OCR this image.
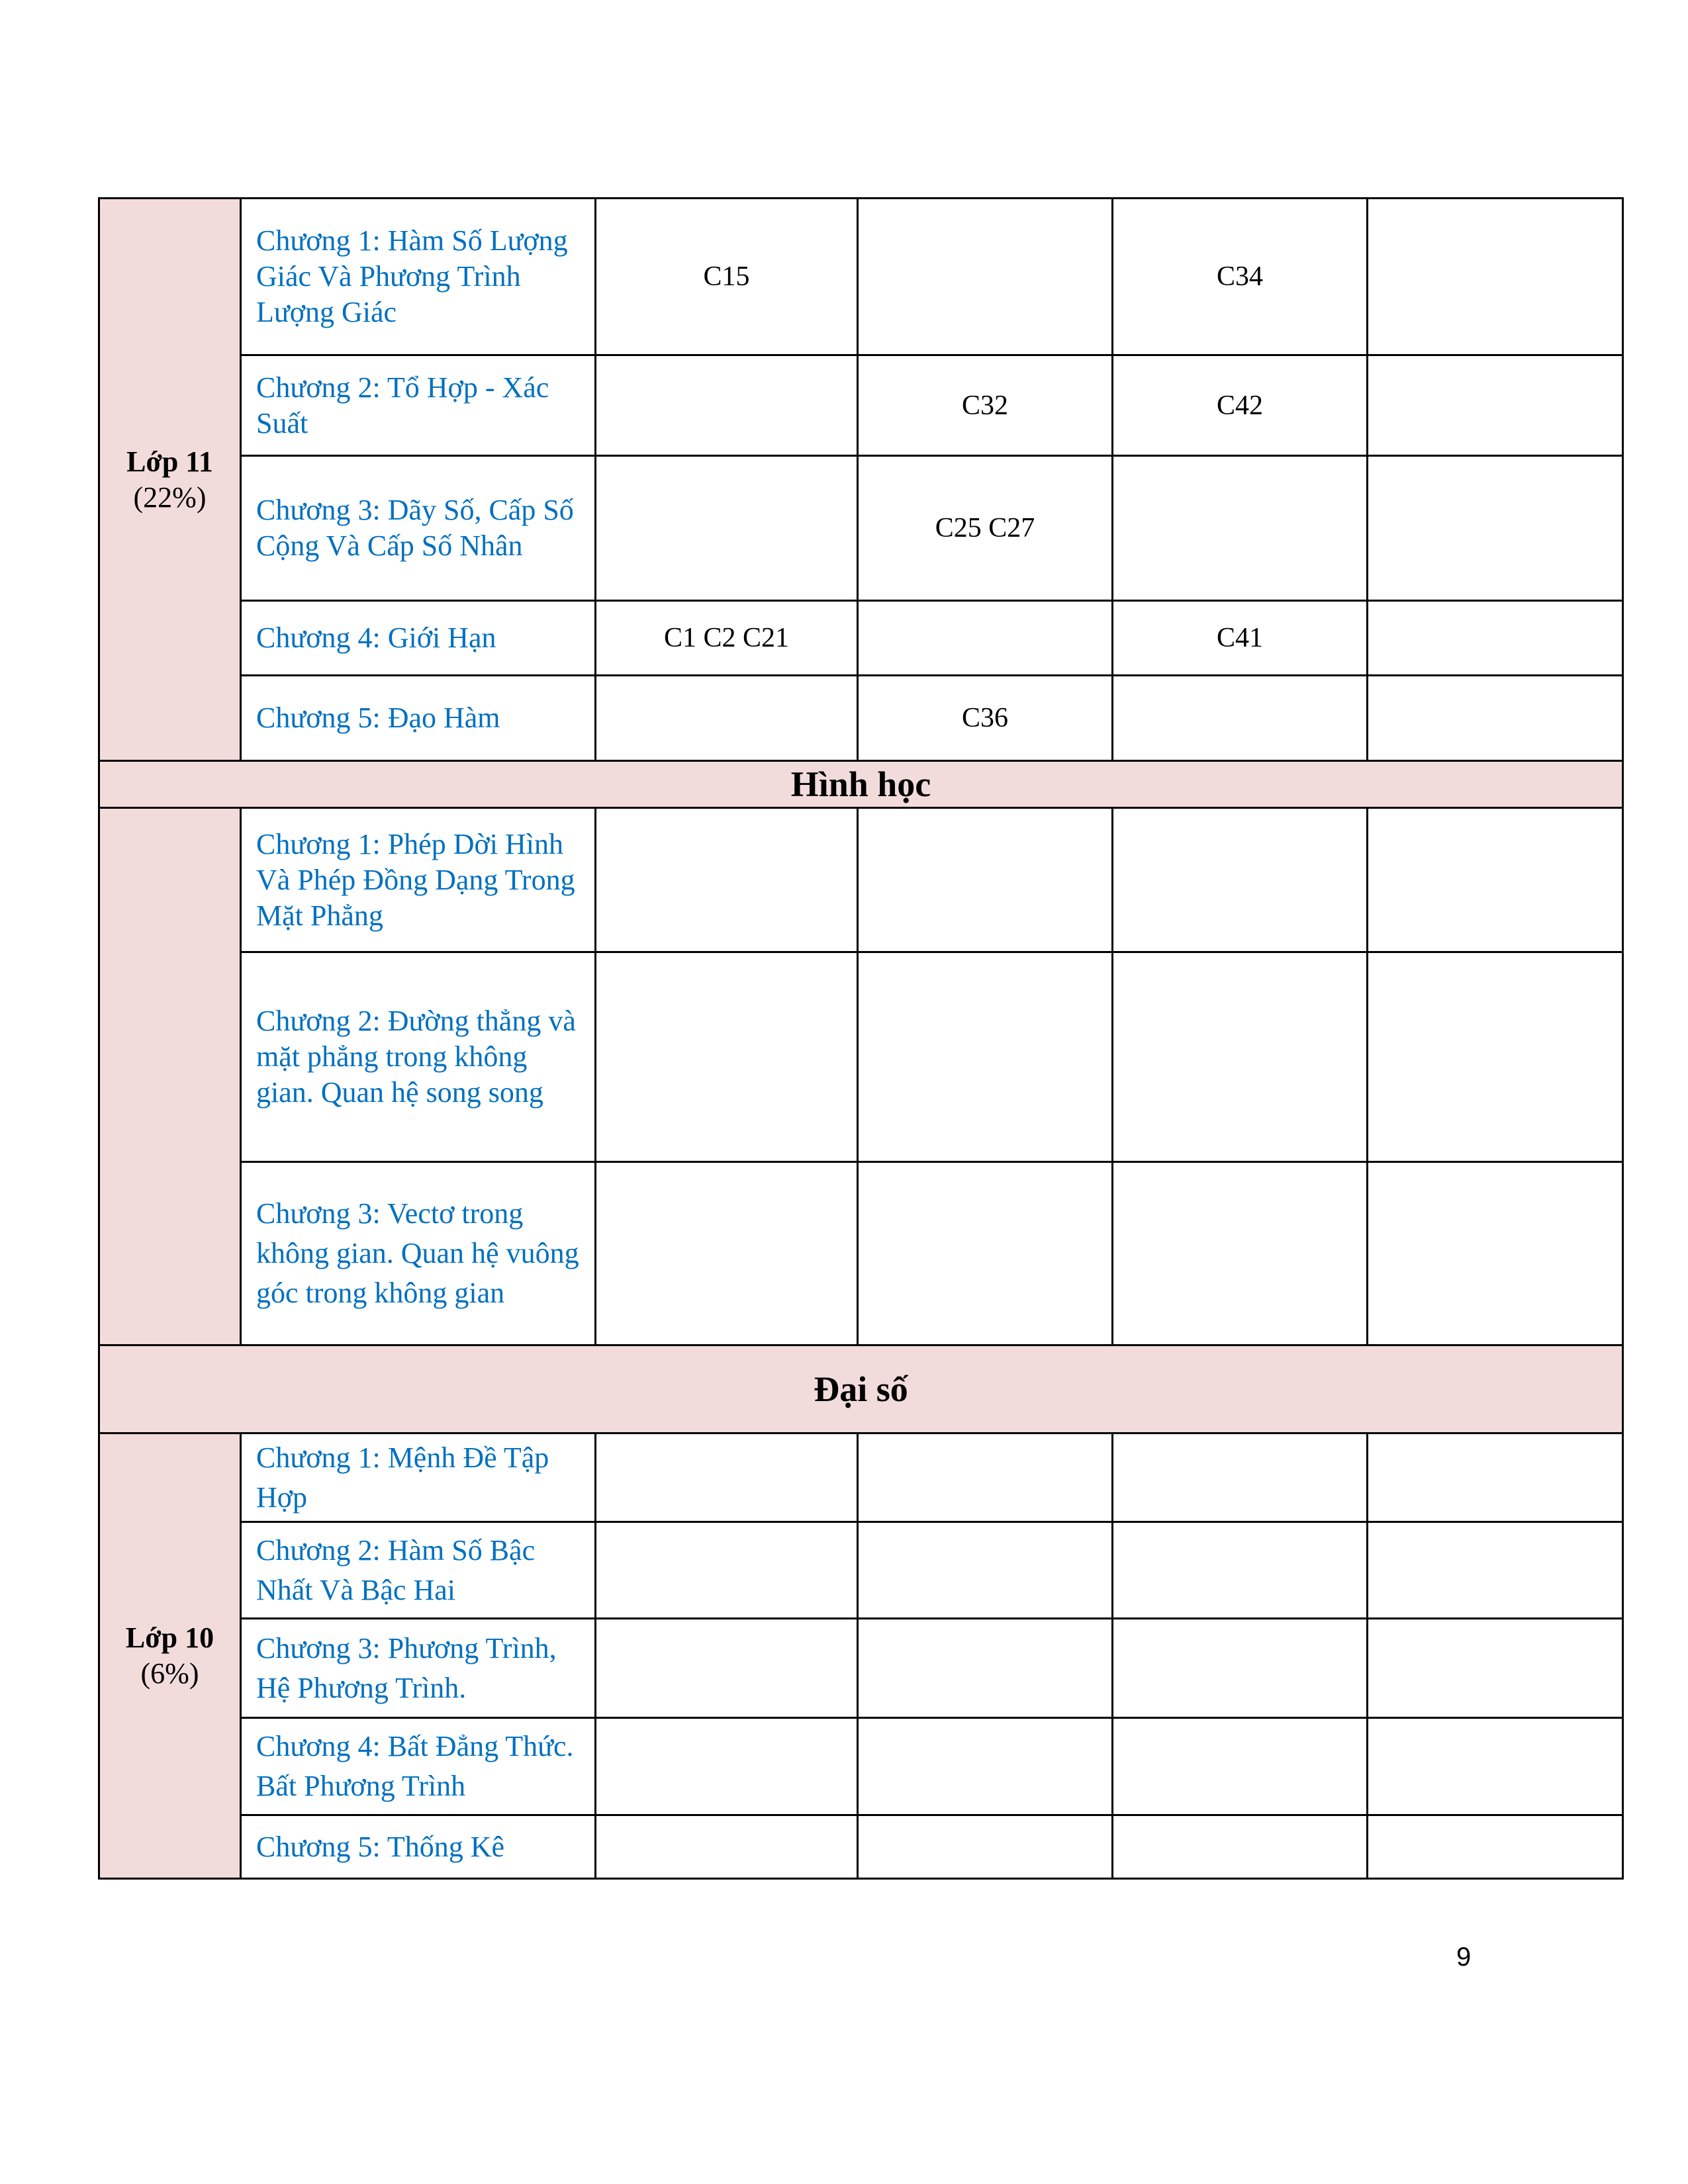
Lớp 11
(22%)	Chương 1: Hàm Số Lượng Giác Và Phương Trình Lượng Giác	C15		C34	
	Chương 2: Tổ Hợp - Xác Suất		C32	C42	
	Chương 3: Dãy Số, Cấp Số Cộng Và Cấp Số Nhân		C25 C27		
	Chương 4: Giới Hạn	C1 C2 C21		C41	
	Chương 5: Đạo Hàm		C36		
Hình học					
	Chương 1: Phép Dời Hình Và Phép Đồng Dạng Trong Mặt Phẳng				
	Chương 2: Đường thẳng và mặt phẳng trong không gian. Quan hệ song song				
	Chương 3: Vectơ trong không gian. Quan hệ vuông góc trong không gian				
Đại số					

Lớp 10
(6%)	Chương 1: Mệnh Đề Tập Hợp				
	Chương 2: Hàm Số Bậc Nhất Và Bậc Hai				
	Chương 3: Phương Trình, Hệ Phương Trình.				
	Chương 4: Bất Đẳng Thức. Bất Phương Trình				
	Chương 5: Thống Kê				
9
